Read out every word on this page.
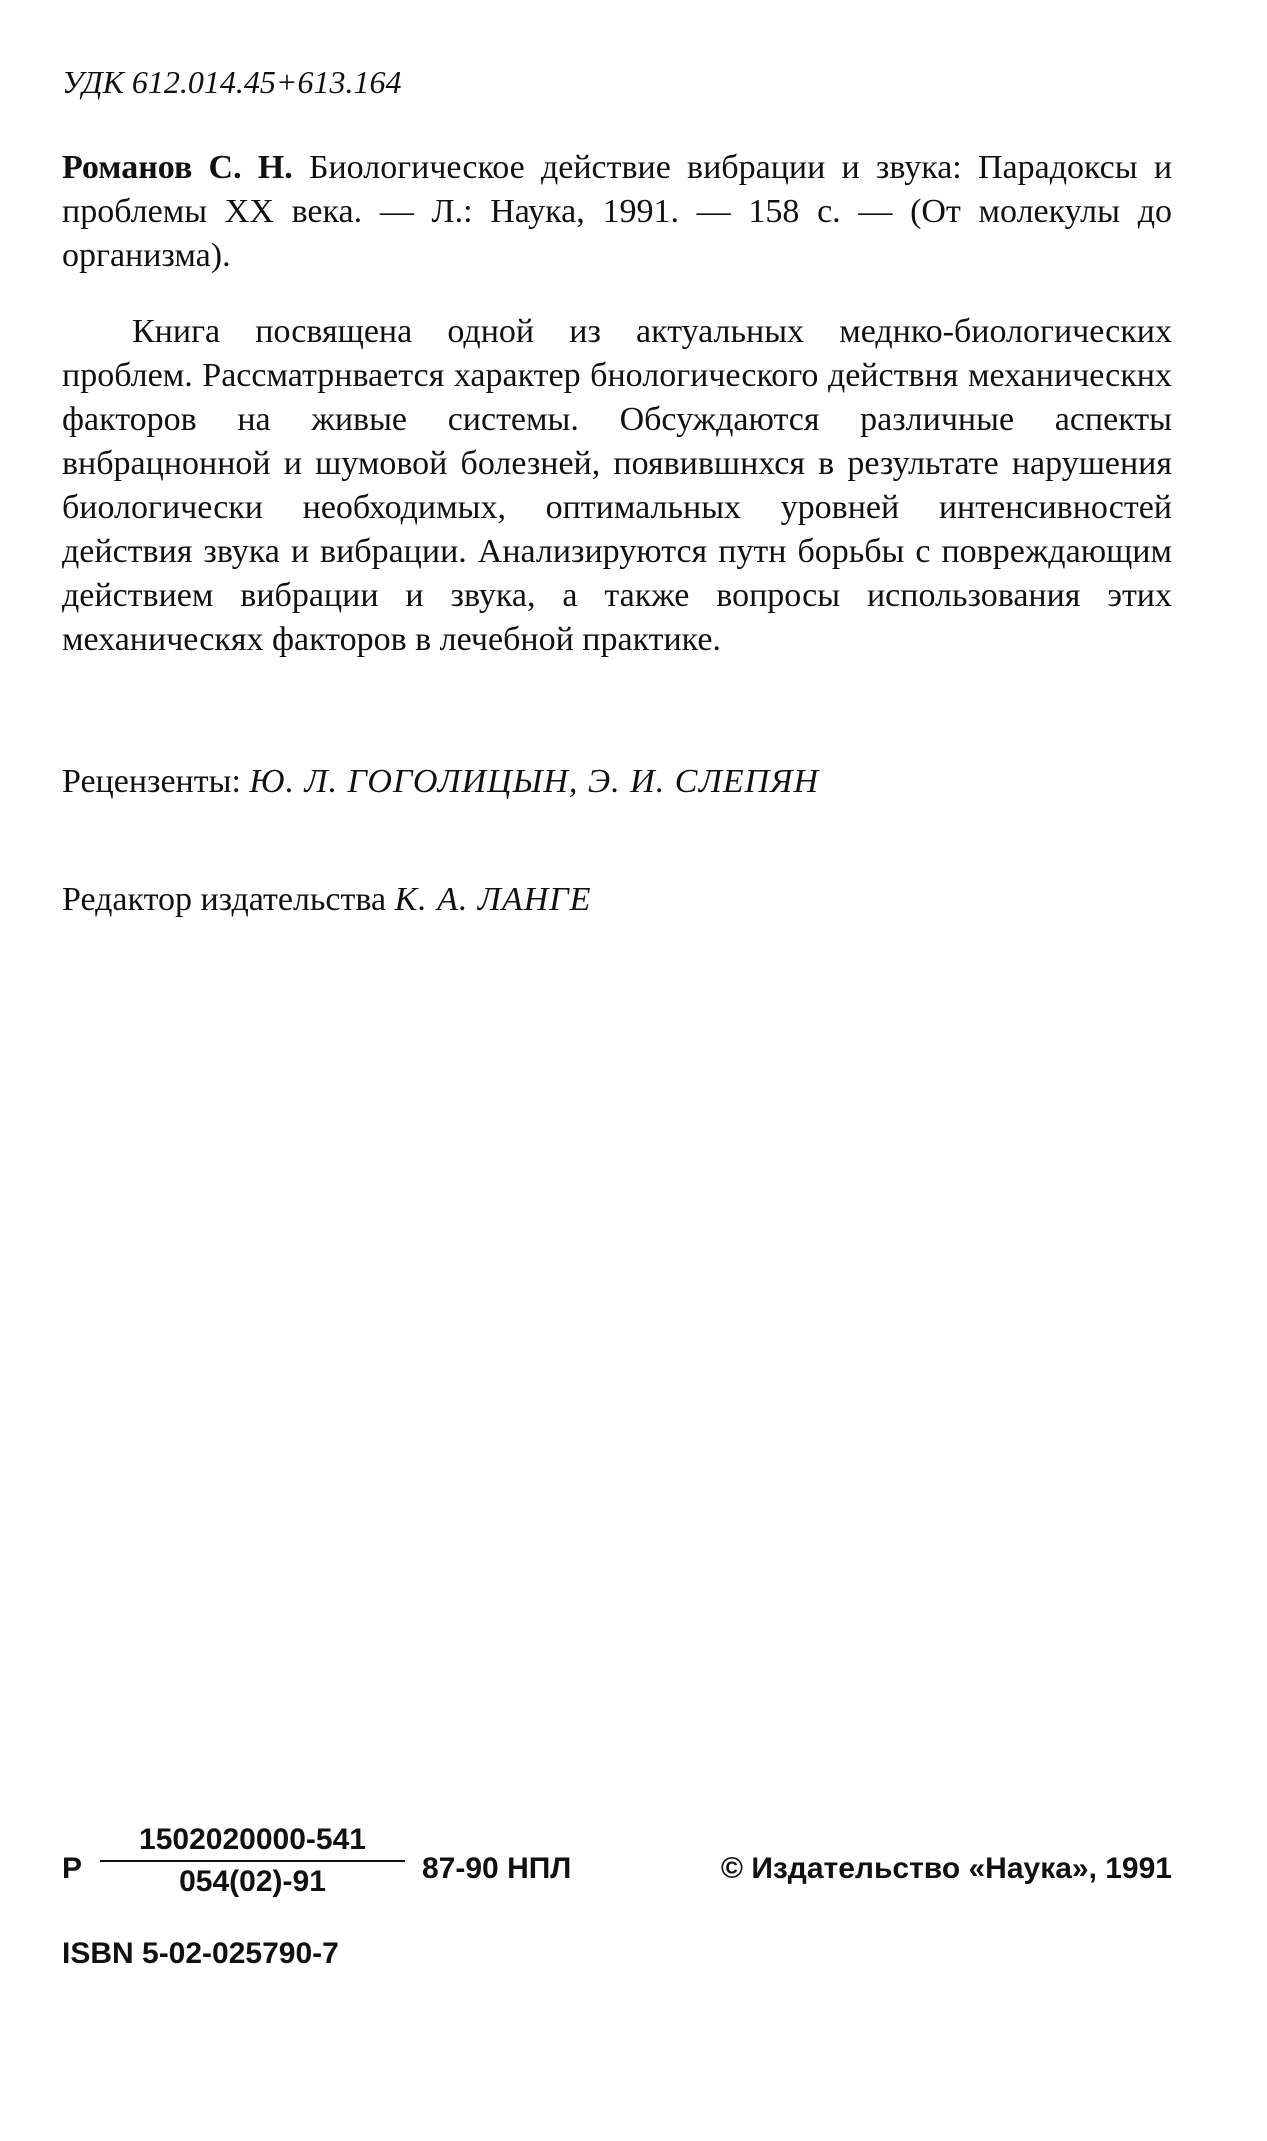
УДК 612.014.45+613.164
Романов С. Н. Биологическое действие вибрации и звука: Парадоксы и проблемы XX века. — Л.: Наука, 1991. — 158 с. — (От молекулы до организма).
Книга посвящена одной из актуальных меднко-биологических проблем. Рассматрнвается характер бнологического действня механическнх факторов на живые системы. Обсуждаются различные аспекты внбрацнонной и шумовой болезней, появившнхся в результате нарушения биологически необходимых, оптимальных уровней интенсивностей действия звука и вибрации. Анализируются путн борьбы с повреждающим действием вибрации и звука, а также вопросы использования этих механическях факторов в лечебной практике.
Рецензенты: Ю. Л. ГОГОЛИЦЫН, Э. И. СЛЕПЯН
Редактор издательства К. А. ЛАНГЕ
Р
1502020000-541
054(02)-91	87-90 НПЛ	© Издательство «Наука», 1991
ISBN 5-02-025790-7
